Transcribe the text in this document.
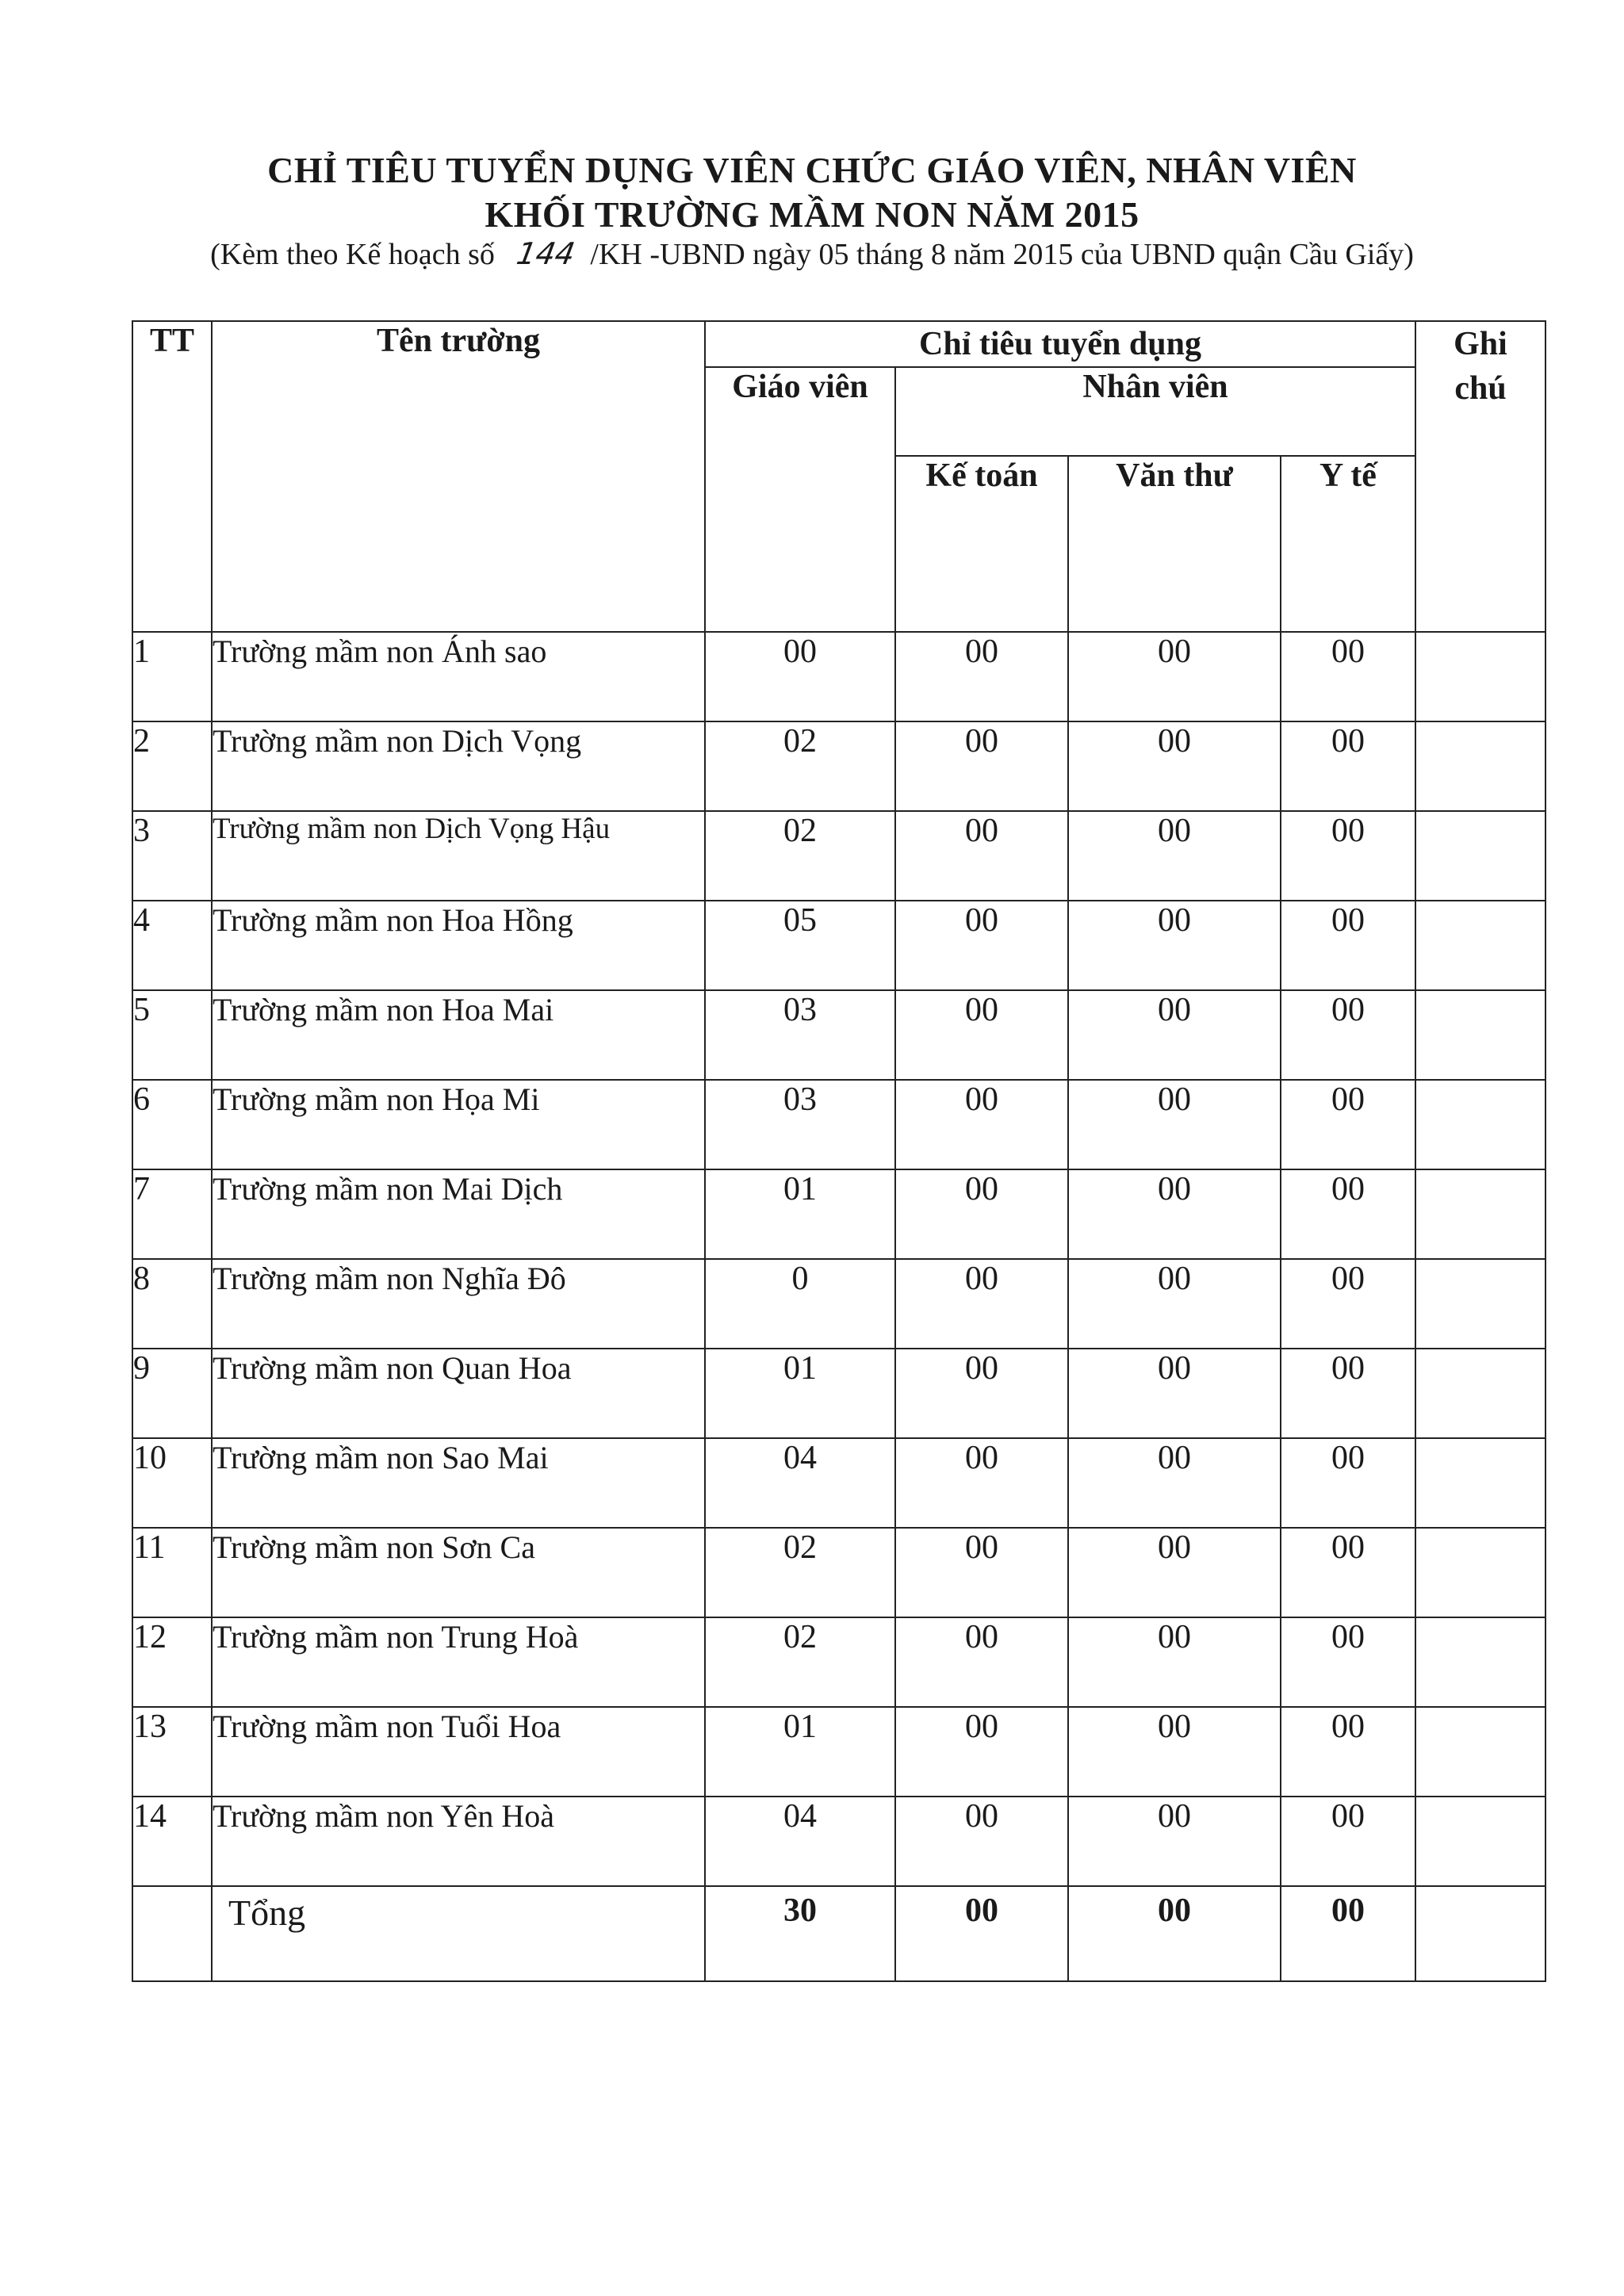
CHỈ TIÊU TUYỂN DỤNG VIÊN CHỨC GIÁO VIÊN, NHÂN VIÊN
KHỐI TRƯỜNG MẦM NON NĂM 2015
(Kèm theo Kế hoạch số 144 /KH -UBND ngày 05 tháng 8 năm 2015 của UBND quận Cầu Giấy)
TT	Tên trường	Chỉ tiêu tuyển dụng				Ghi
chú
		Giáo viên	Nhân viên			
			Kế toán	Văn thư	Y tế	
1	Trường mầm non Ánh sao	00	00	00	00	
2	Trường mầm non Dịch Vọng	02	00	00	00	
3	Trường mầm non Dịch Vọng Hậu	02	00	00	00	
4	Trường mầm non Hoa Hồng	05	00	00	00	
5	Trường mầm non Hoa Mai	03	00	00	00	
6	Trường mầm non Họa Mi	03	00	00	00	
7	Trường mầm non Mai Dịch	01	00	00	00	
8	Trường mầm non Nghĩa Đô	0	00	00	00	
9	Trường mầm non Quan Hoa	01	00	00	00	
10	Trường mầm non Sao Mai	04	00	00	00	
11	Trường mầm non Sơn Ca	02	00	00	00	
12	Trường mầm non Trung Hoà	02	00	00	00	
13	Trường mầm non Tuổi Hoa	01	00	00	00	
14	Trường mầm non Yên Hoà	04	00	00	00	
	Tổng	30	00	00	00	
